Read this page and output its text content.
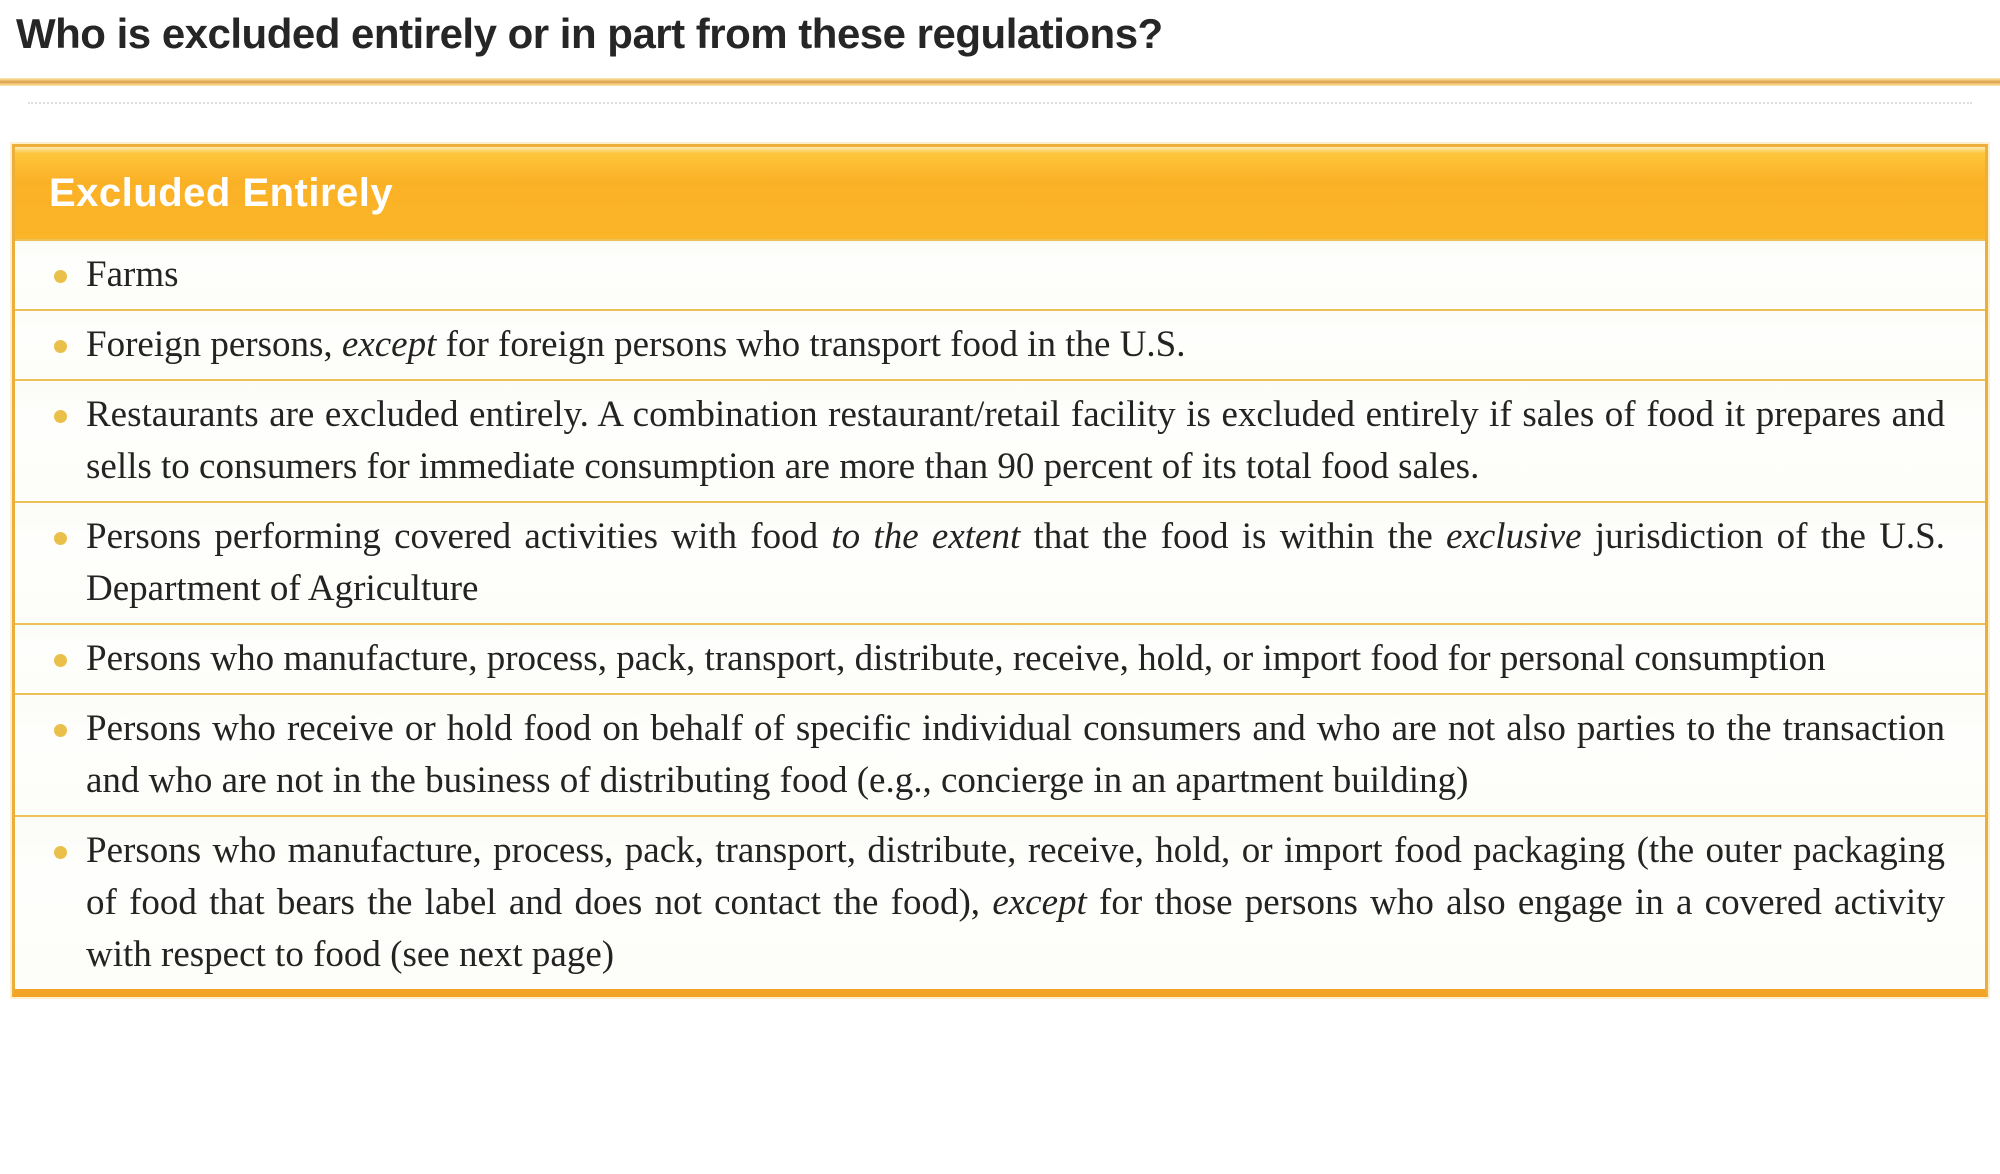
Who is excluded entirely or in part from these regulations?
Excluded Entirely
Farms
Foreign persons, except for foreign persons who transport food in the U.S.
Restaurants are excluded entirely. A combination restaurant/retail facility is excluded entirely if sales of food it prepares and sells to consumers for immediate consumption are more than 90 percent of its total food sales.
Persons performing covered activities with food to the extent that the food is within the exclusive jurisdiction of the U.S. Department of Agriculture
Persons who manufacture, process, pack, transport, distribute, receive, hold, or import food for personal consumption
Persons who receive or hold food on behalf of specific individual consumers and who are not also parties to the transaction and who are not in the business of distributing food (e.g., concierge in an apartment building)
Persons who manufacture, process, pack, transport, distribute, receive, hold, or import food packaging (the outer packaging of food that bears the label and does not contact the food), except for those persons who also engage in a covered activity with respect to food (see next page)
